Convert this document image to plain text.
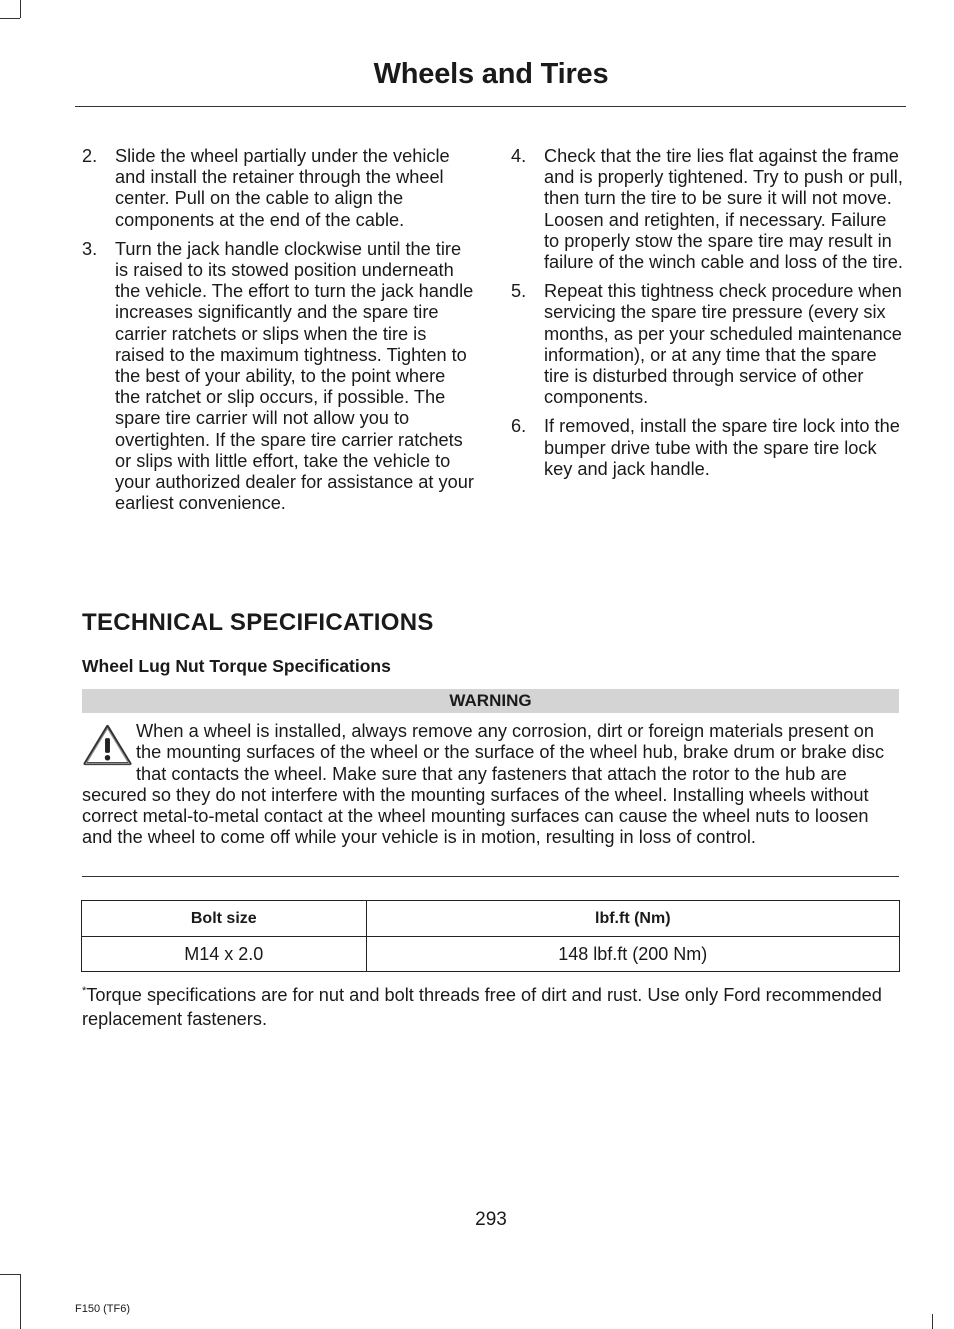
Wheels and Tires
2. Slide the wheel partially under the vehicle and install the retainer through the wheel center. Pull on the cable to align the components at the end of the cable.
3. Turn the jack handle clockwise until the tire is raised to its stowed position underneath the vehicle. The effort to turn the jack handle increases significantly and the spare tire carrier ratchets or slips when the tire is raised to the maximum tightness. Tighten to the best of your ability, to the point where the ratchet or slip occurs, if possible. The spare tire carrier will not allow you to overtighten. If the spare tire carrier ratchets or slips with little effort, take the vehicle to your authorized dealer for assistance at your earliest convenience.
4. Check that the tire lies flat against the frame and is properly tightened. Try to push or pull, then turn the tire to be sure it will not move. Loosen and retighten, if necessary. Failure to properly stow the spare tire may result in failure of the winch cable and loss of the tire.
5. Repeat this tightness check procedure when servicing the spare tire pressure (every six months, as per your scheduled maintenance information), or at any time that the spare tire is disturbed through service of other components.
6. If removed, install the spare tire lock into the bumper drive tube with the spare tire lock key and jack handle.
TECHNICAL SPECIFICATIONS
Wheel Lug Nut Torque Specifications
WARNING
When a wheel is installed, always remove any corrosion, dirt or foreign materials present on the mounting surfaces of the wheel or the surface of the wheel hub, brake drum or brake disc that contacts the wheel. Make sure that any fasteners that attach the rotor to the hub are secured so they do not interfere with the mounting surfaces of the wheel. Installing wheels without correct metal-to-metal contact at the wheel mounting surfaces can cause the wheel nuts to loosen and the wheel to come off while your vehicle is in motion, resulting in loss of control.
Bolt size	lbf.ft (Nm)
M14 x 2.0	148 lbf.ft (200 Nm)
*Torque specifications are for nut and bolt threads free of dirt and rust. Use only Ford recommended replacement fasteners.
293
F150 (TF6)
